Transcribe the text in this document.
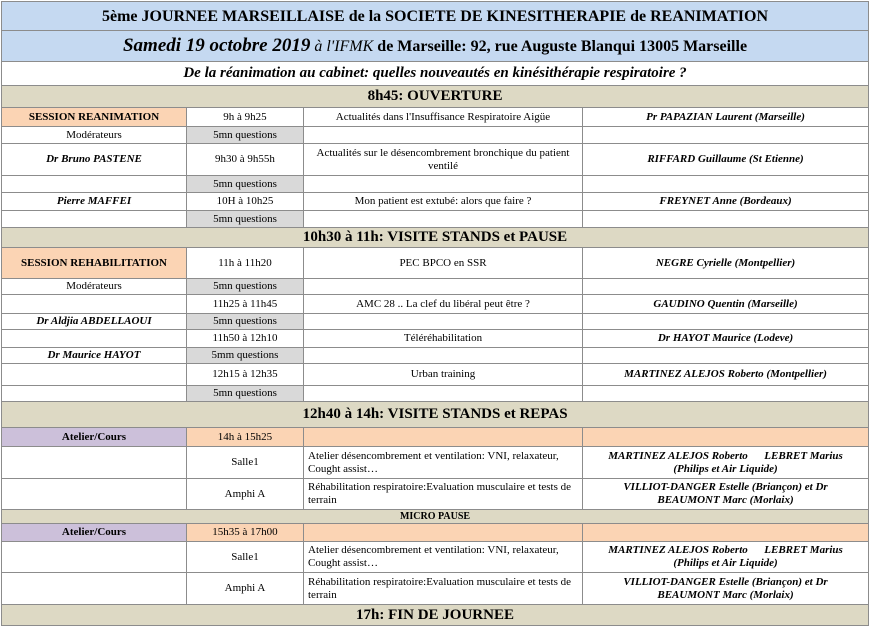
5ème JOURNEE MARSEILLAISE de la SOCIETE DE KINESITHERAPIE de REANIMATION			
Samedi 19 octobre 2019 à l'IFMK de Marseille: 92, rue Auguste Blanqui 13005 Marseille			
De la réanimation au cabinet: quelles nouveautés en kinésithérapie respiratoire ?			
8h45: OUVERTURE			
SESSION REANIMATION	9h à 9h25	Actualités dans l'Insuffisance Respiratoire Aigüe	Pr PAPAZIAN Laurent (Marseille)
Modérateurs	5mn questions		
Dr Bruno PASTENE	9h30 à 9h55h	Actualités sur le désencombrement bronchique du patient ventilé	RIFFARD Guillaume (St Etienne)
	5mn questions		
Pierre MAFFEI	10H à 10h25	Mon patient est extubé: alors que faire ?	FREYNET Anne (Bordeaux)
	5mn questions		
10h30 à 11h: VISITE STANDS et PAUSE			
SESSION REHABILITATION	11h à 11h20	PEC BPCO en SSR	NEGRE Cyrielle (Montpellier)
Modérateurs	5mn questions		
	11h25 à 11h45	AMC 28 .. La clef du libéral peut être ?	GAUDINO Quentin (Marseille)
Dr Aldjia ABDELLAOUI	5mn questions		
	11h50 à 12h10	Téléréhabilitation	Dr HAYOT Maurice (Lodeve)
Dr Maurice HAYOT	5mm questions		
	12h15 à 12h35	Urban training	MARTINEZ ALEJOS Roberto (Montpellier)
	5mn questions		
12h40 à 14h: VISITE STANDS et REPAS			
Atelier/Cours	14h à 15h25		
	Salle1	Atelier désencombrement et ventilation: VNI, relaxateur, Cought assist…	MARTINEZ ALEJOS Roberto      LEBRET Marius
(Philips et Air Liquide)
	Amphi A	Réhabilitation respiratoire:Evaluation musculaire et tests de terrain	VILLIOT-DANGER Estelle (Briançon) et Dr
BEAUMONT Marc (Morlaix)
MICRO PAUSE			
Atelier/Cours	15h35 à 17h00		
	Salle1	Atelier désencombrement et ventilation: VNI, relaxateur, Cought assist…	MARTINEZ ALEJOS Roberto      LEBRET Marius
(Philips et Air Liquide)
	Amphi A	Réhabilitation respiratoire:Evaluation musculaire et tests de terrain	VILLIOT-DANGER Estelle (Briançon) et Dr
BEAUMONT Marc (Morlaix)
17h: FIN DE JOURNEE			
